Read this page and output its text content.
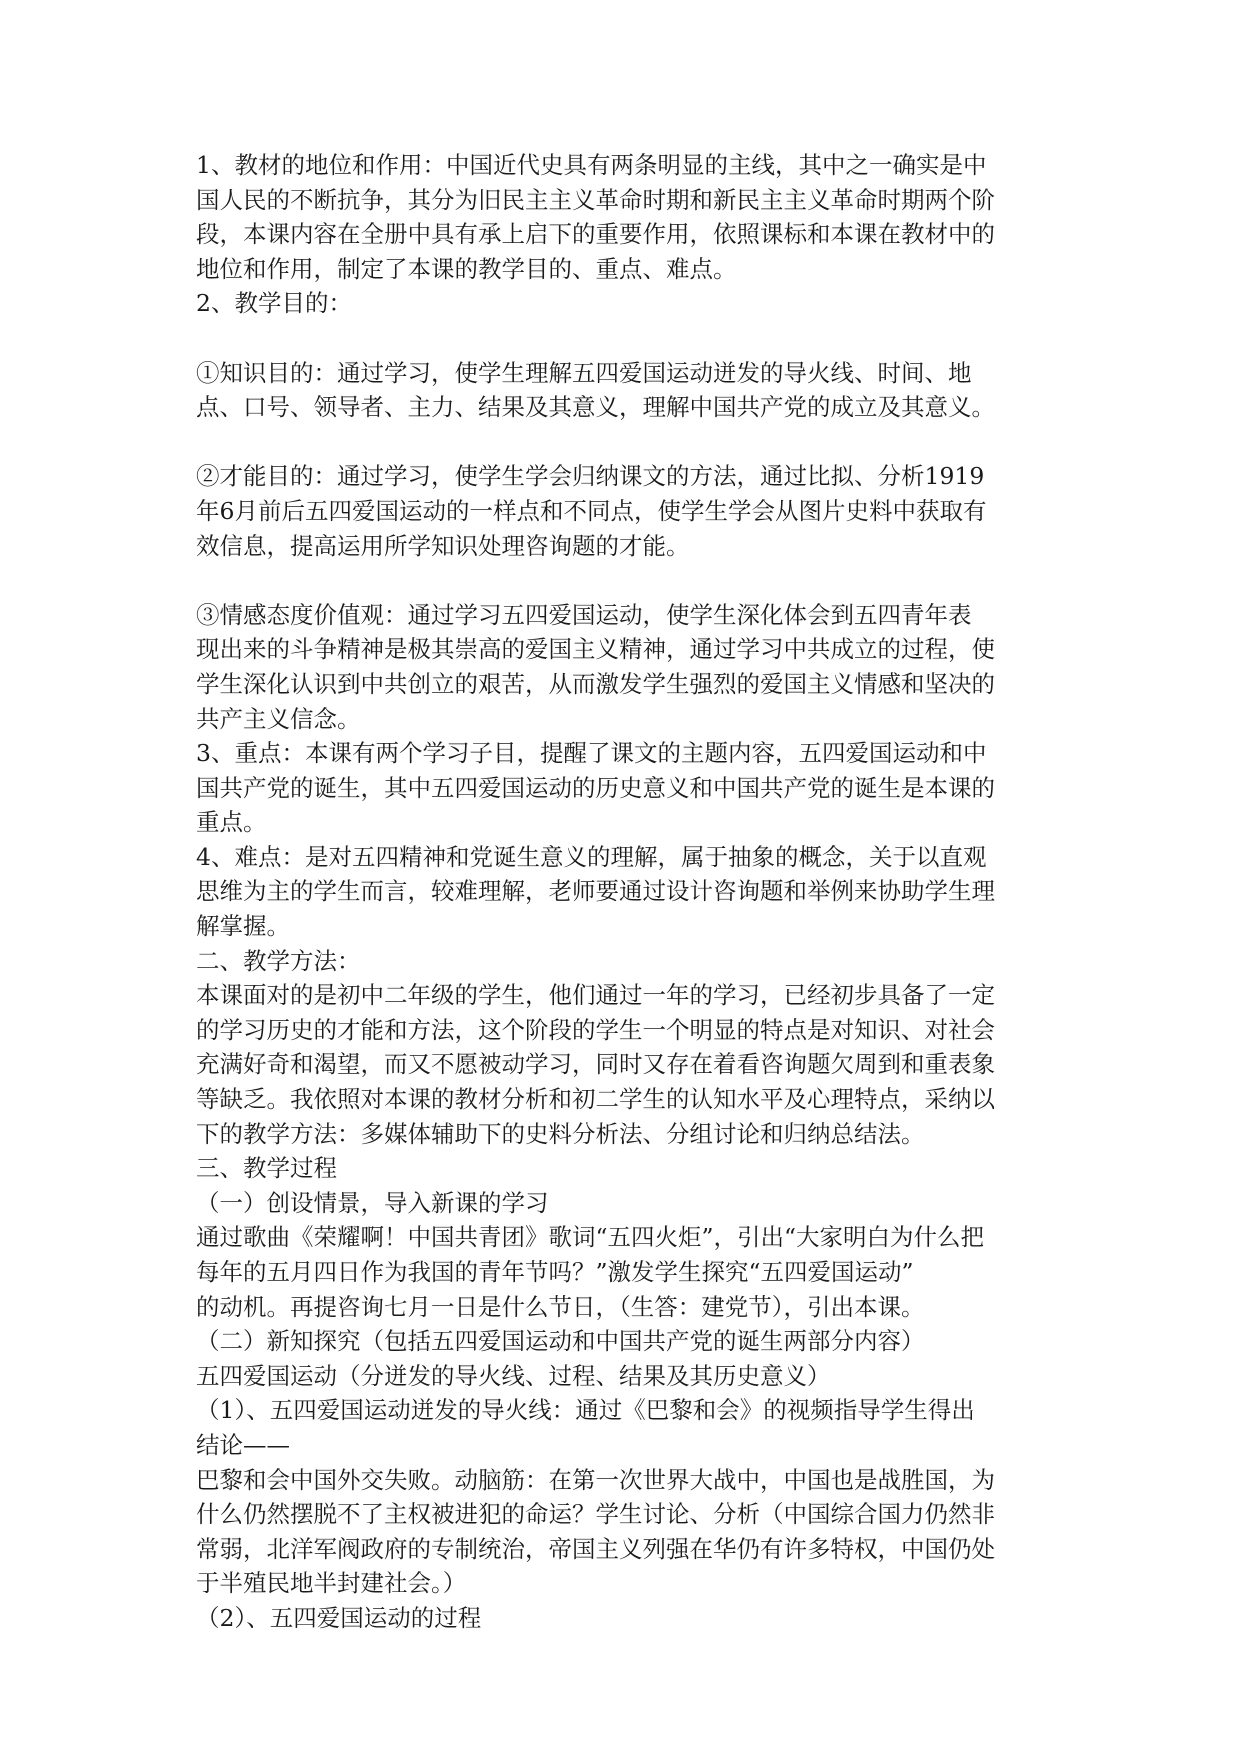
1、教材的地位和作用：中国近代史具有两条明显的主线，其中之一确实是中
国人民的不断抗争，其分为旧民主主义革命时期和新民主主义革命时期两个阶
段，本课内容在全册中具有承上启下的重要作用，依照课标和本课在教材中的
地位和作用，制定了本课的教学目的、重点、难点。

2、教学目的：

①知识目的：通过学习，使学生理解五四爱国运动迸发的导火线、时间、地
点、口号、领导者、主力、结果及其意义，理解中国共产党的成立及其意义。

②才能目的：通过学习，使学生学会归纳课文的方法，通过比拟、分析1919
年6月前后五四爱国运动的一样点和不同点，使学生学会从图片史料中获取有
效信息，提高运用所学知识处理咨询题的才能。

③情感态度价值观：通过学习五四爱国运动，使学生深化体会到五四青年表
现出来的斗争精神是极其崇高的爱国主义精神，通过学习中共成立的过程，使
学生深化认识到中共创立的艰苦，从而激发学生强烈的爱国主义情感和坚决的
共产主义信念。

3、重点：本课有两个学习子目，提醒了课文的主题内容，五四爱国运动和中
国共产党的诞生，其中五四爱国运动的历史意义和中国共产党的诞生是本课的
重点。

4、难点：是对五四精神和党诞生意义的理解，属于抽象的概念，关于以直观
思维为主的学生而言，较难理解，老师要通过设计咨询题和举例来协助学生理
解掌握。

二、教学方法：

本课面对的是初中二年级的学生，他们通过一年的学习，已经初步具备了一定
的学习历史的才能和方法，这个阶段的学生一个明显的特点是对知识、对社会
充满好奇和渴望，而又不愿被动学习，同时又存在着看咨询题欠周到和重表象
等缺乏。我依照对本课的教材分析和初二学生的认知水平及心理特点，采纳以
下的教学方法：多媒体辅助下的史料分析法、分组讨论和归纳总结法。

三、教学过程

（一）创设情景，导入新课的学习

通过歌曲《荣耀啊！中国共青团》歌词“五四火炬”，引出“大家明白为什么把
每年的五月四日作为我国的青年节吗？”激发学生探究“五四爱国运动”
的动机。再提咨询七月一日是什么节日，（生答：建党节），引出本课。

（二）新知探究（包括五四爱国运动和中国共产党的诞生两部分内容）

五四爱国运动（分迸发的导火线、过程、结果及其历史意义）

（1）、五四爱国运动迸发的导火线：通过《巴黎和会》的视频指导学生得出
结论——

巴黎和会中国外交失败。动脑筋：在第一次世界大战中，中国也是战胜国，为
什么仍然摆脱不了主权被进犯的命运？学生讨论、分析（中国综合国力仍然非
常弱，北洋军阀政府的专制统治，帝国主义列强在华仍有许多特权，中国仍处
于半殖民地半封建社会。）

（2）、五四爱国运动的过程
